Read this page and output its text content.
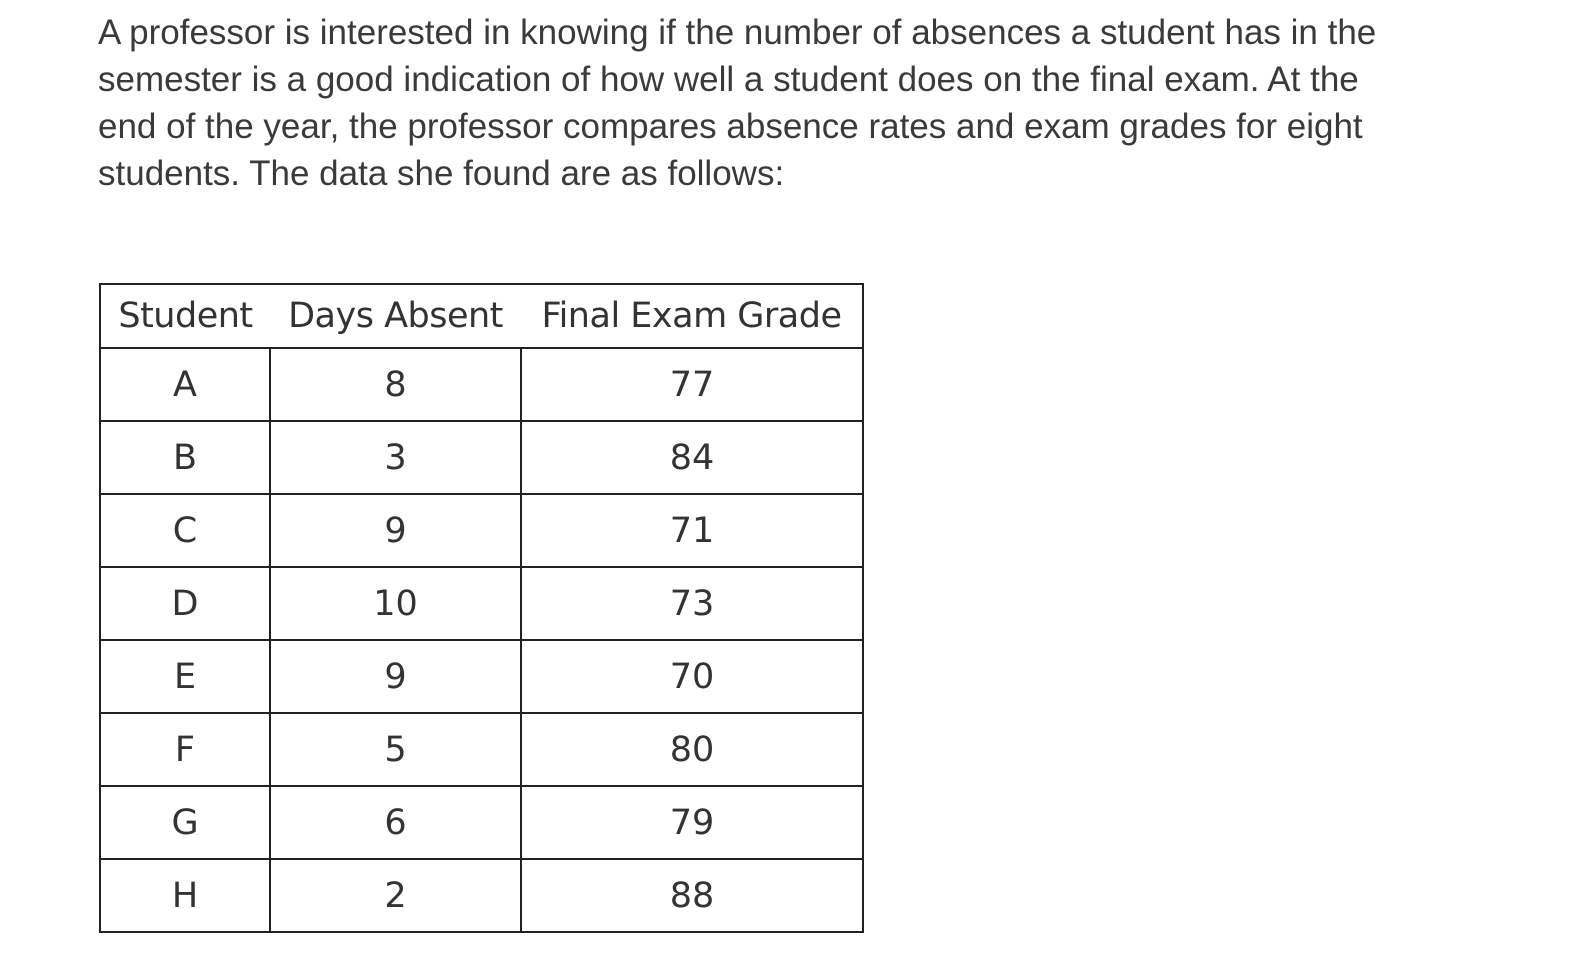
A professor is interested in knowing if the number of absences a student has in the
semester is a good indication of how well a student does on the final exam. At the
end of the year, the professor compares absence rates and exam grades for eight
students. The data she found are as follows:

Student	Days Absent	Final Exam Grade
A	8	77
B	3	84
C	9	71
D	10	73
E	9	70
F	5	80
G	6	79
H	2	88
